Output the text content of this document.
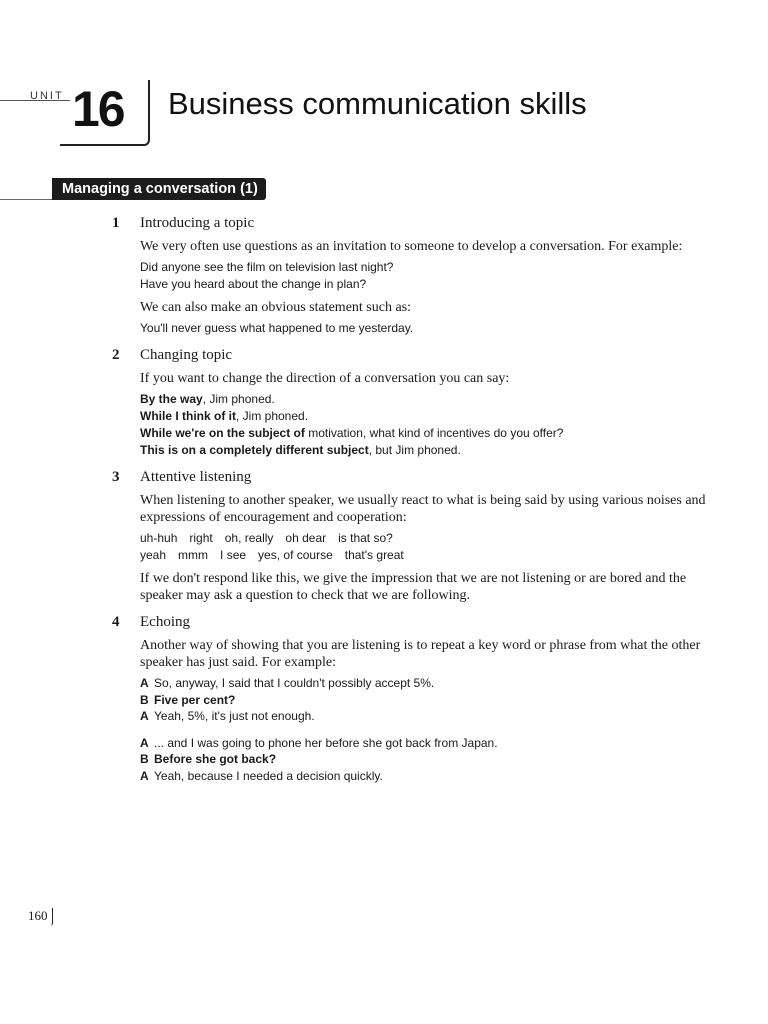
UNIT 16 Business communication skills
Managing a conversation (1)

1 Introducing a topic

We very often use questions as an invitation to someone to develop a conversation. For example:

Did anyone see the film on television last night?

Have you heard about the change in plan?

We can also make an obvious statement such as:

You'll never guess what happened to me yesterday.

2 Changing topic

If you want to change the direction of a conversation you can say:

By the way, Jim phoned.

While I think of it, Jim phoned.

While we're on the subject of motivation, what kind of incentives do you offer?

This is on a completely different subject, but Jim phoned.

3 Attentive listening

When listening to another speaker, we usually react to what is being said by using various noises and expressions of encouragement and cooperation:

uh-huh right oh, really oh dear is that so?

yeah mmm I see yes, of course that's great

If we don't respond like this, we give the impression that we are not listening or are bored and the speaker may ask a question to check that we are following.

4 Echoing

Another way of showing that you are listening is to repeat a key word or phrase from what the other speaker has just said. For example:

A So, anyway, I said that I couldn't possibly accept 5%.

B Five per cent?

A Yeah, 5%, it's just not enough.

A ... and I was going to phone her before she got back from Japan.

B Before she got back?

A Yeah, because I needed a decision quickly.

160
